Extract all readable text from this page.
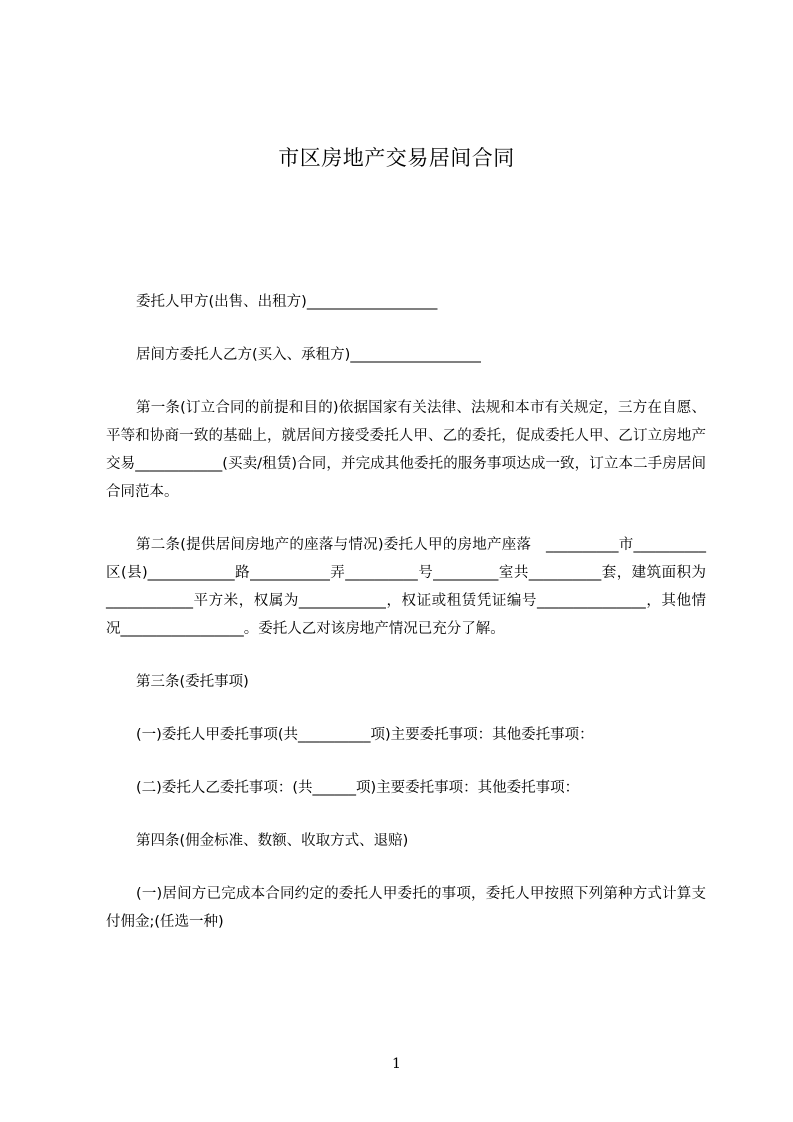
市区房地产交易居间合同

委托人甲方(出售、出租方)__________________

居间方委托人乙方(买入、承租方)__________________

第一条(订立合同的前提和目的)依据国家有关法律、法规和本市有关规定，三方在自愿、平等和协商一致的基础上，就居间方接受委托人甲、乙的委托，促成委托人甲、乙订立房地产交易____________(买卖/租赁)合同，并完成其他委托的服务事项达成一致，订立本二手房居间合同范本。

第二条(提供居间房地产的座落与情况)委托人甲的房地产座落　__________市__________区(县)____________路___________弄__________号_________室共__________套，建筑面积为____________平方米，权属为____________，权证或租赁凭证编号_______________，其他情况_________________。委托人乙对该房地产情况已充分了解。

第三条(委托事项)

(一)委托人甲委托事项(共__________项)主要委托事项：其他委托事项：

(二)委托人乙委托事项：(共______项)主要委托事项：其他委托事项：

第四条(佣金标准、数额、收取方式、退赔)

(一)居间方已完成本合同约定的委托人甲委托的事项，委托人甲按照下列第种方式计算支付佣金;(任选一种)

1
